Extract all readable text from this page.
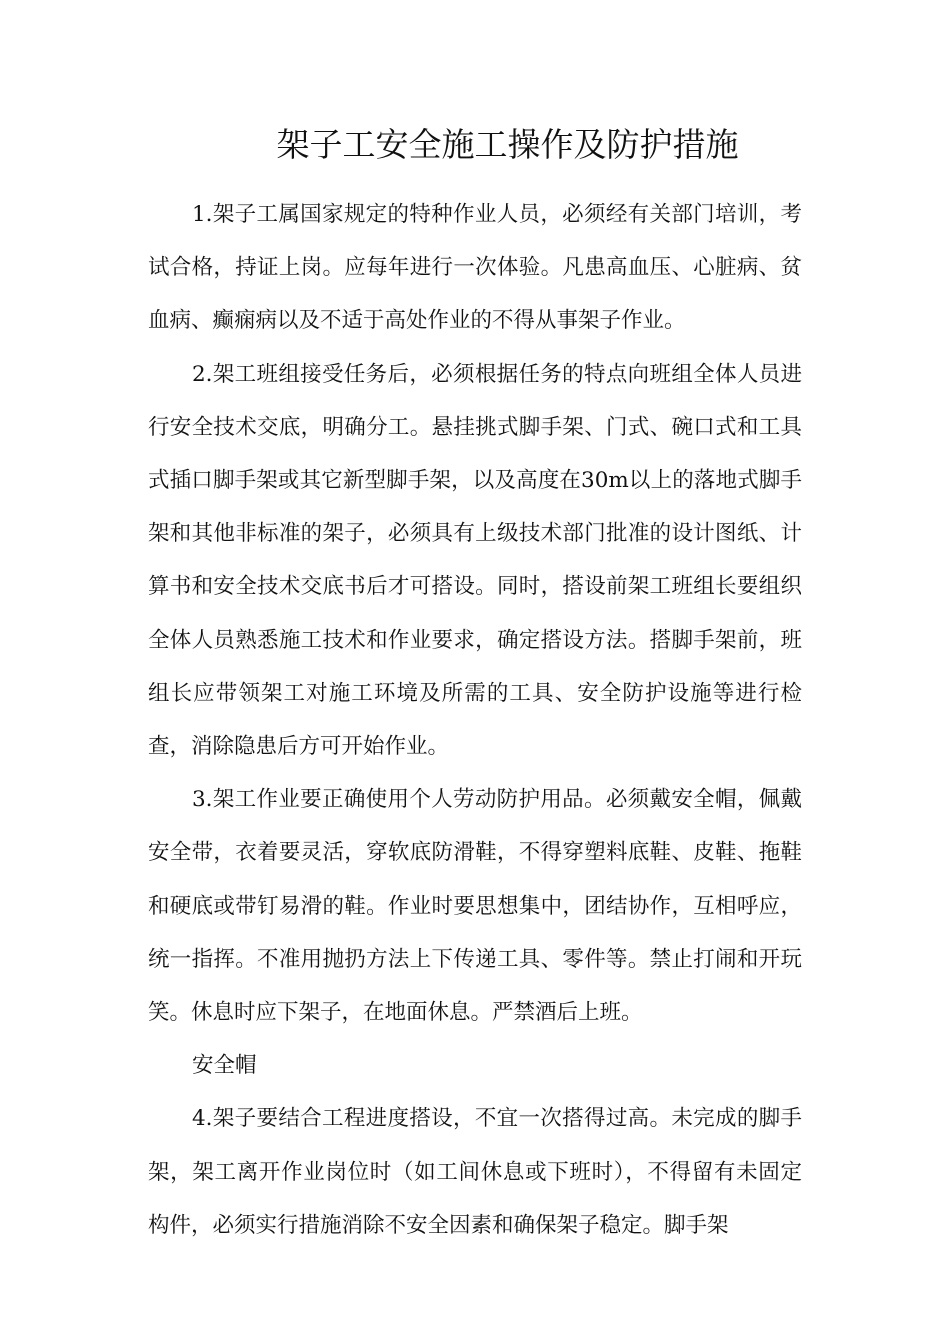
架子工安全施工操作及防护措施

1.架子工属国家规定的特种作业人员，必须经有关部门培训，考试合格，持证上岗。应每年进行一次体验。凡患高血压、心脏病、贫血病、癫痫病以及不适于高处作业的不得从事架子作业。

2.架工班组接受任务后，必须根据任务的特点向班组全体人员进行安全技术交底，明确分工。悬挂挑式脚手架、门式、碗口式和工具式插口脚手架或其它新型脚手架，以及高度在30m以上的落地式脚手架和其他非标准的架子，必须具有上级技术部门批准的设计图纸、计算书和安全技术交底书后才可搭设。同时，搭设前架工班组长要组织全体人员熟悉施工技术和作业要求，确定搭设方法。搭脚手架前，班组长应带领架工对施工环境及所需的工具、安全防护设施等进行检查，消除隐患后方可开始作业。

3.架工作业要正确使用个人劳动防护用品。必须戴安全帽，佩戴安全带，衣着要灵活，穿软底防滑鞋，不得穿塑料底鞋、皮鞋、拖鞋和硬底或带钉易滑的鞋。作业时要思想集中，团结协作，互相呼应，统一指挥。不准用抛扔方法上下传递工具、零件等。禁止打闹和开玩笑。休息时应下架子，在地面休息。严禁酒后上班。

安全帽

4.架子要结合工程进度搭设，不宜一次搭得过高。未完成的脚手架，架工离开作业岗位时（如工间休息或下班时），不得留有未固定构件，必须实行措施消除不安全因素和确保架子稳定。脚手架
